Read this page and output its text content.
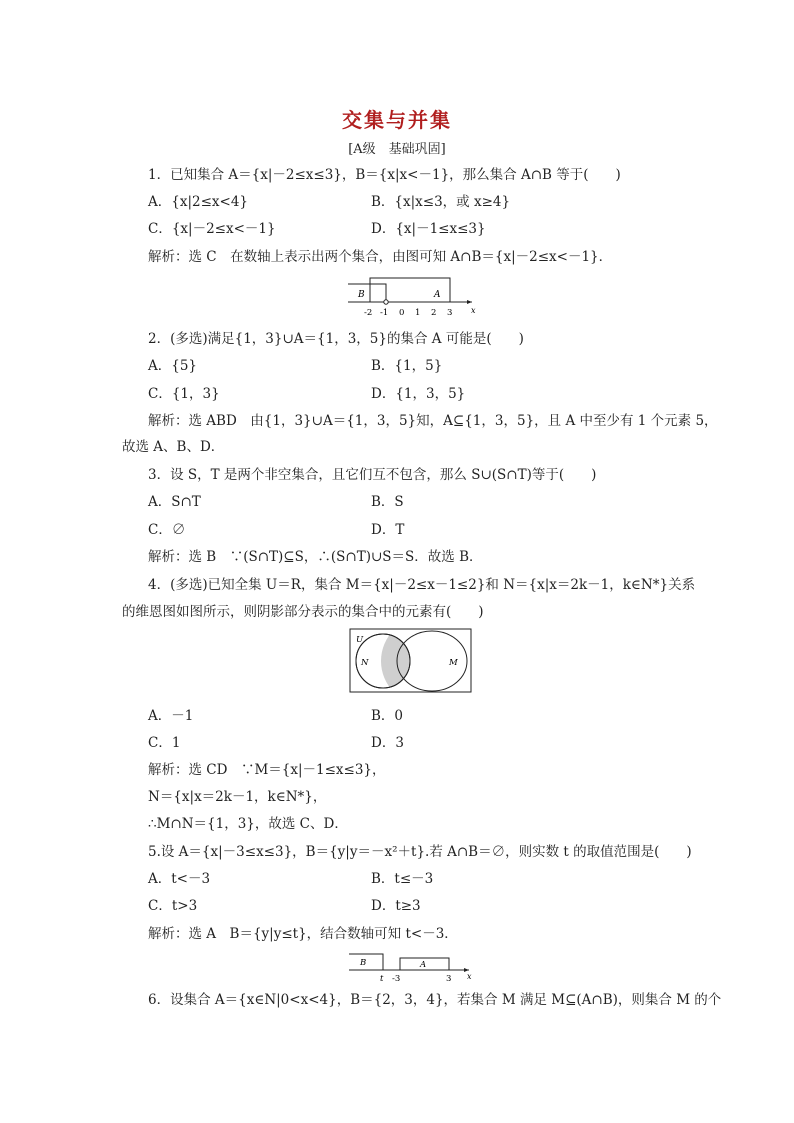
交集与并集
[A级　基础巩固]
1．已知集合 A＝{x|－2≤x≤3}，B＝{x|x<－1}，那么集合 A∩B 等于(　　)
A．{x|2≤x<4}	B．{x|x≤3，或 x≥4}
C．{x|－2≤x<－1}	D．{x|－1≤x≤3}
解析：选 C　在数轴上表示出两个集合，由图可知 A∩B＝{x|－2≤x<－1}．
B	A
-2 -1 0 1 2 3 x
2．(多选)满足{1，3}∪A＝{1，3，5}的集合 A 可能是(　　)
A．{5}	B．{1，5}
C．{1，3}	D．{1，3，5}
解析：选 ABD　由{1，3}∪A＝{1，3，5}知，A⊆{1，3，5}，且 A 中至少有 1 个元素 5，
故选 A、B、D．
3．设 S，T 是两个非空集合，且它们互不包含，那么 S∪(S∩T)等于(　　)
A．S∩T	B．S
C．∅	D．T
解析：选 B　∵(S∩T)⊆S，∴(S∩T)∪S＝S．故选 B．
4．(多选)已知全集 U＝R，集合 M＝{x|－2≤x－1≤2}和 N＝{x|x＝2k－1，k∈N*}关系
的维恩图如图所示，则阴影部分表示的集合中的元素有(　　)
U
N	M
A．－1	B．0
C．1	D．3
解析：选 CD　∵M＝{x|－1≤x≤3}，
N＝{x|x＝2k－1，k∈N*}，
∴M∩N＝{1，3}，故选 C、D．
5.设 A＝{x|－3≤x≤3}，B＝{y|y＝－x²＋t}.若 A∩B＝∅，则实数 t 的取值范围是(　　)
A．t<－3	B．t≤－3
C．t>3	D．t≥3
解析：选 A　B＝{y|y≤t}，结合数轴可知 t<－3．
B	A
t -3	3 x
6．设集合 A＝{x∈N|0<x<4}，B＝{2，3，4}，若集合 M 满足 M⊆(A∩B)，则集合 M 的个
